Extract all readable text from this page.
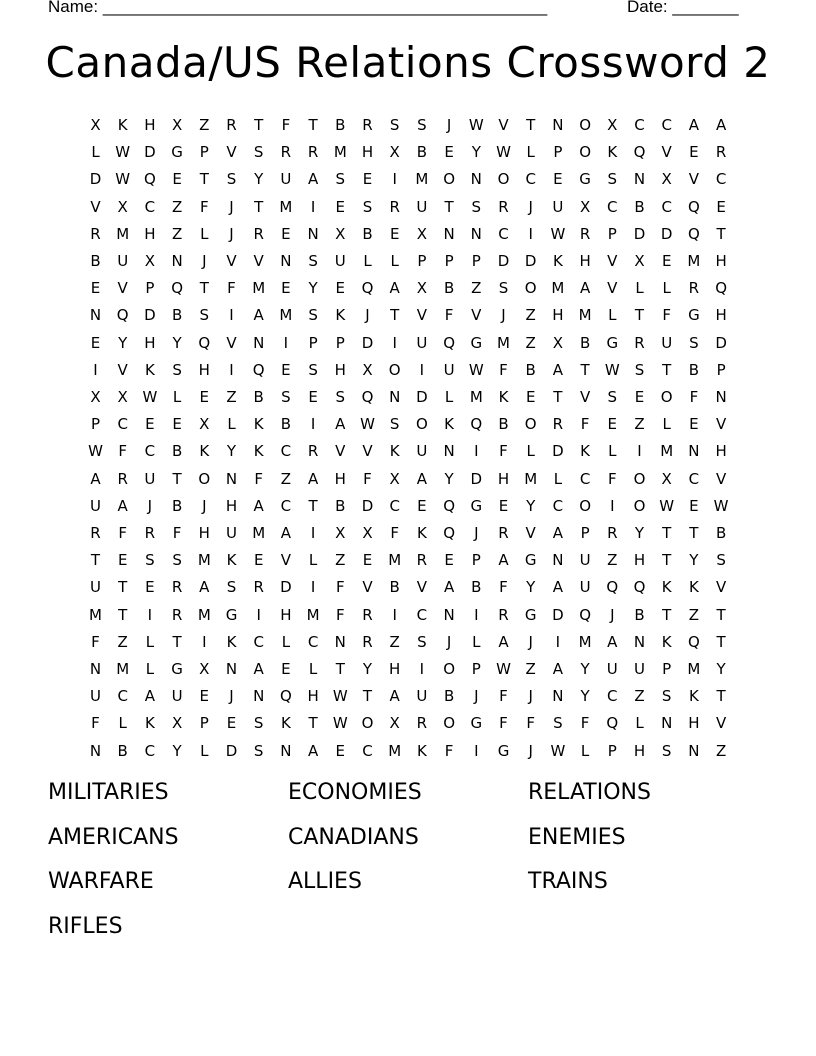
Name: _______________________________________________	Date: _______
Canada/US Relations Crossword 2
X	K	H	X	Z	R	T	F	T	B	R	S	S	J	W V	T	N	O	X	C	C	A	A
L	W D	G	P	V	S	R	R	M	H	X	B	E	Y	W	L	P	O	K	Q	V	E	R
D W Q	E	T	S	Y	U	A	S	E	I	M O	N	O	C	E	G	S	N	X	V	C
V	X	C	Z	F	J	T	M	I	E	S	R	U	T	S	R	J	U	X	C	B	C	Q	E
R	M	H	Z	L	J	R	E	N	X	B	E	X	N	N	C	I	W R	P	D	D	Q	T
B	U	X	N	J	V	V	N	S	U	L	L	P	P	P	D	D	K	H	V	X	E	M	H
E	V	P	Q	T	F	M	E	Y	E	Q	A	X	B	Z	S	O M	A	V	L	L	R	Q
N	Q	D	B	S	I	A	M	S	K	J	T	V	F	V	J	Z	H	M	L	T	F	G	H
E	Y	H	Y	Q	V	N	I	P	P	D	I	U	Q	G M	Z	X	B	G	R	U	S	D
I	V	K	S	H	I	Q	E	S	H	X	O	I	U W	F	B	A	T	W	S	T	B	P
X	X W	L	E	Z	B	S	E	S	Q	N	D	L	M	K	E	T	V	S	E	O	F	N
P	C	E	E	X	L	K	B	I	A W	S	O	K	Q	B	O	R	F	E	Z	L	E	V
W	F	C	B	K	Y	K	C	R	V	V	K	U	N	I	F	L	D	K	L	I	M	N	H
A	R	U	T	O	N	F	Z	A	H	F	X	A	Y	D	H	M	L	C	F	O	X	C	V
U	A	J	B	J	H	A	C	T	B	D	C	E	Q	G	E	Y	C	O	I	O W	E	W
R	F	R	F	H	U	M	A	I	X	X	F	K	Q	J	R	V	A	P	R	Y	T	T	B
T	E	S	S	M	K	E	V	L	Z	E	M	R	E	P	A	G	N	U	Z	H	T	Y	S
U	T	E	R	A	S	R	D	I	F	V	B	V	A	B	F	Y	A	U	Q	Q	K	K	V
M	T	I	R	M G	I	H	M	F	R	I	C	N	I	R	G	D	Q	J	B	T	Z	T
F	Z	L	T	I	K	C	L	C	N	R	Z	S	J	L	A	J	I	M	A	N	K	Q	T
N	M	L	G	X	N	A	E	L	T	Y	H	I	O	P	W Z	A	Y	U	U	P	M	Y
U	C	A	U	E	J	N	Q	H W	T	A	U	B	J	F	J	N	Y	C	Z	S	K	T
F	L	K	X	P	E	S	K	T	W O	X	R	O	G	F	F	S	F	Q	L	N	H	V
N	B	C	Y	L	D	S	N	A	E	C	M	K	F	I	G	J	W	L	P	H	S	N	Z
MILITARIES	ECONOMIES	RELATIONS
AMERICANS	CANADIANS	ENEMIES
WARFARE	ALLIES	TRAINS
RIFLES
